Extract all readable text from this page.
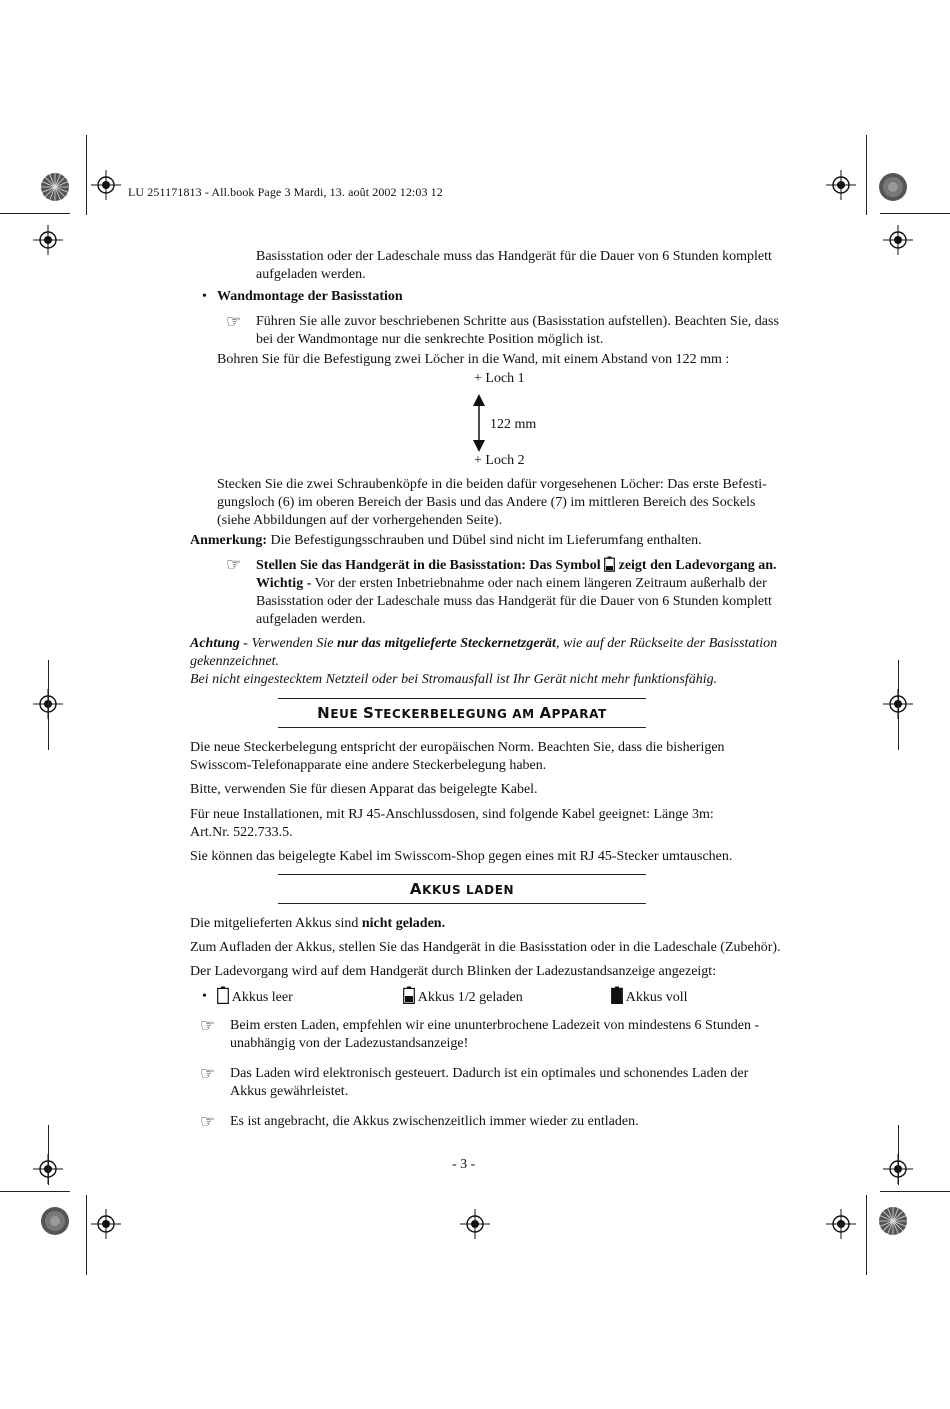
LU 251171813 - All.book Page 3 Mardi, 13. août 2002 12:03 12

Basisstation oder der Ladeschale muss das Handgerät für die Dauer von 6 Stunden komplett

aufgeladen werden.

• Wandmontage der Basisstation
☞ Führen Sie alle zuvor beschriebenen Schritte aus (Basisstation aufstellen). Beachten Sie, dass

bei der Wandmontage nur die senkrechte Position möglich ist.

Bohren Sie für die Befestigung zwei Löcher in die Wand, mit einem Abstand von 122 mm :
+ Loch 1
122 mm
+ Loch 2

Stecken Sie die zwei Schraubenköpfe in die beiden dafür vorgesehenen Löcher: Das erste Befesti-

gungsloch (6) im oberen Bereich der Basis und das Andere (7) im mittleren Bereich des Sockels

(siehe Abbildungen auf der vorhergehenden Seite).

Anmerkung: Die Befestigungsschrauben und Dübel sind nicht im Lieferumfang enthalten.
☞ Stellen Sie das Handgerät in die Basisstation: Das Symbol  zeigt den Ladevorgang an.

Wichtig - Vor der ersten Inbetriebnahme oder nach einem längeren Zeitraum außerhalb der

Basisstation oder der Ladeschale muss das Handgerät für die Dauer von 6 Stunden komplett

aufgeladen werden.

Achtung - Verwenden Sie nur das mitgelieferte Steckernetzgerät, wie auf der Rückseite der Basisstation

gekennzeichnet.

Bei nicht eingestecktem Netzteil oder bei Stromausfall ist Ihr Gerät nicht mehr funktionsfähig.

NEUE STECKERBELEGUNG AM APPARAT

Die neue Steckerbelegung entspricht der europäischen Norm. Beachten Sie, dass die bisherigen

Swisscom-Telefonapparate eine andere Steckerbelegung haben.

Bitte, verwenden Sie für diesen Apparat das beigelegte Kabel.

Für neue Installationen, mit RJ 45-Anschlussdosen, sind folgende Kabel geeignet: Länge 3m:

Art.Nr. 522.733.5.

Sie können das beigelegte Kabel im Swisscom-Shop gegen eines mit RJ 45-Stecker umtauschen.
AKKUS LADEN
Die mitgelieferten Akkus sind nicht geladen.
Zum Aufladen der Akkus, stellen Sie das Handgerät in die Basisstation oder in die Ladeschale (Zubehör).
Der Ladevorgang wird auf dem Handgerät durch Blinken der Ladezustandsanzeige angezeigt:
•	Akkus leer	Akkus 1/2 geladen	Akkus voll
☞ Beim ersten Laden, empfehlen wir eine ununterbrochene Ladezeit von mindestens 6 Stunden -

unabhängig von der Ladezustandsanzeige!

☞ Das Laden wird elektronisch gesteuert. Dadurch ist ein optimales und schonendes Laden der

Akkus gewährleistet.

☞ Es ist angebracht, die Akkus zwischenzeitlich immer wieder zu entladen.
- 3 -
